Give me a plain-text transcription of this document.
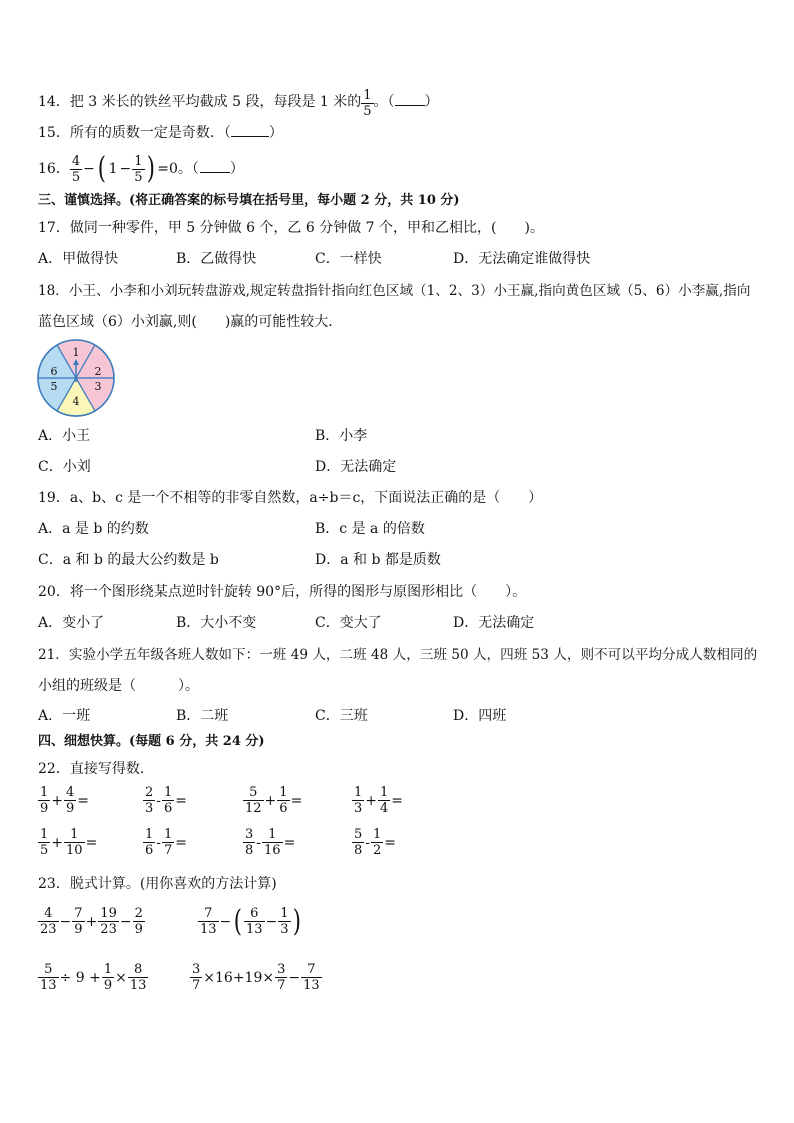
14．把 3 米长的铁丝平均截成 5 段，每段是 1 米的 $\frac{1}{5}$ 。（ ）
15．所有的质数一定是奇数．（	）
16． $\frac{4}{5}$ −( $1 - \frac{1}{5}$ ) =0。（ ）
三、谨慎选择。(将正确答案的标号填在括号里，每小题 2 分，共 10 分)
17．做同一种零件，甲 5 分钟做 6 个，乙 6 分钟做 7 个，甲和乙相比，(　　)。
A．甲做得快	B．乙做得快	C．一样快	D．无法确定谁做得快
18．小王、小李和小刘玩转盘游戏,规定转盘指针指向红色区域（1、2、3）小王赢,指向黄色区域（5、6）小李赢,指向
蓝色区域（6）小刘赢,则(　　)赢的可能性较大．
1
2
3
4
5
6
A．小王	B．小李
C．小刘	D．无法确定
19．a、b、c 是一个不相等的非零自然数，a÷b＝c，下面说法正确的是（　　）
A．a 是 b 的约数	B．c 是 a 的倍数
C．a 和 b 的最大公约数是 b	D．a 和 b 都是质数
20．将一个图形绕某点逆时针旋转 90°后，所得的图形与原图形相比（　　）。
A．变小了	B．大小不变	C．变大了	D．无法确定
21．实验小学五年级各班人数如下：一班 49 人，二班 48 人，三班 50 人，四班 53 人，则不可以平均分成人数相同的
小组的班级是（　　　）。
A．一班	B．二班	C．三班	D．四班
四、细想快算。(每题 6 分，共 24 分)
22．直接写得数．
$\frac{1}{9} + \frac{4}{9}$ =	$\frac{2}{3} - \frac{1}{6}$ =	$\frac{5}{12} + \frac{1}{6}$ =	$\frac{1}{3} + \frac{1}{4}$ =
$\frac{1}{5} + \frac{1}{10}$ =	$\frac{1}{6} - \frac{1}{7}$ =	$\frac{3}{8} - \frac{1}{16}$ =	$\frac{5}{8} - \frac{1}{2}$ =
23．脱式计算。(用你喜欢的方法计算)
$\frac{4}{23} - \frac{7}{9} + \frac{19}{23} - \frac{2}{9}$	$\frac{7}{13}$ −( $\frac{6}{13} - \frac{1}{3}$ )
$\frac{5}{13} \div 9 + \frac{1}{9} \times \frac{8}{13}$	$\frac{3}{7} \times 16+19\times \frac{3}{7} - \frac{7}{13}$
